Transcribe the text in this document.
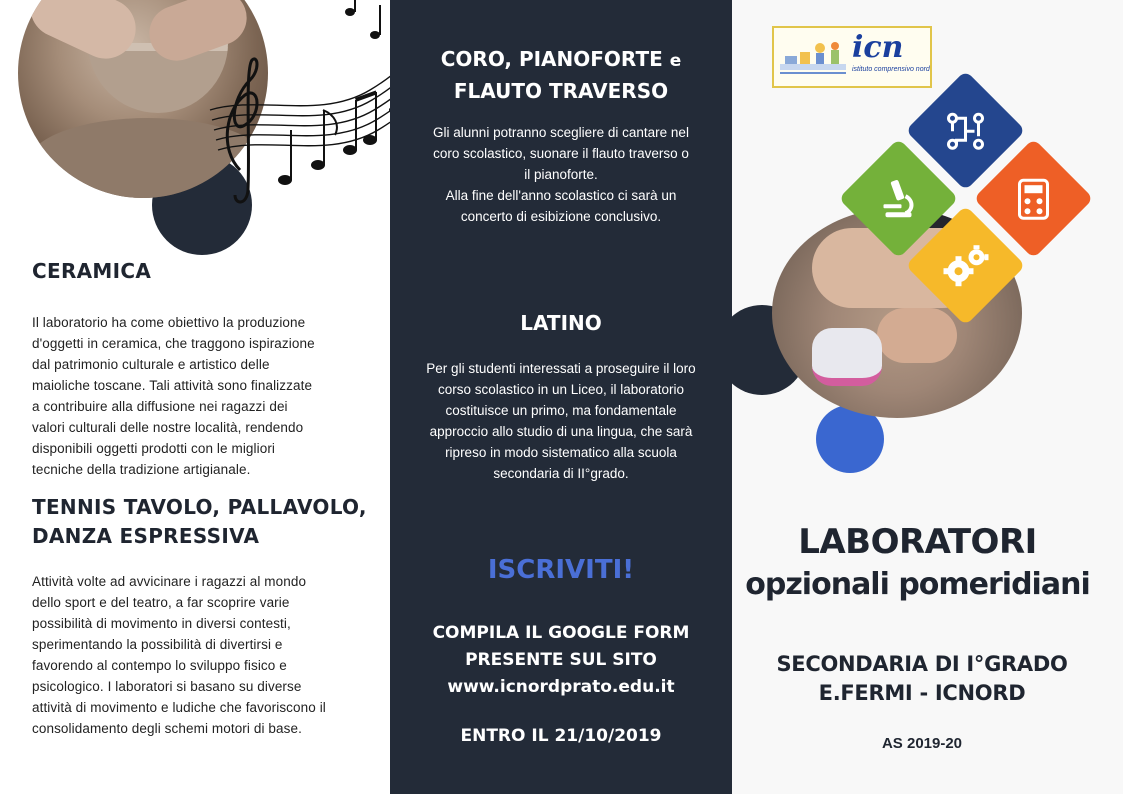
CERAMICA
Il laboratorio ha come obiettivo la produzione
d'oggetti in ceramica, che traggono ispirazione
dal patrimonio culturale e artistico delle
maioliche toscane. Tali attività sono finalizzate
a contribuire alla diffusione nei ragazzi dei
valori culturali delle nostre località, rendendo
disponibili oggetti prodotti con le migliori
tecniche della tradizione artigianale.
TENNIS TAVOLO, PALLAVOLO,
DANZA ESPRESSIVA
Attività volte ad avvicinare i ragazzi al mondo
dello sport e del teatro, a far scoprire varie
possibilità di movimento in diversi contesti,
sperimentando la possibilità di divertirsi e
favorendo al contempo lo sviluppo fisico e
psicologico. I laboratori si basano su diverse
attività di movimento e ludiche che favoriscono il
consolidamento degli schemi motori di base.
CORO, PIANOFORTE e
FLAUTO TRAVERSO
Gli alunni potranno scegliere di cantare nel
coro scolastico, suonare il flauto traverso o
il pianoforte.
Alla fine dell'anno scolastico ci sarà un
concerto di esibizione conclusivo.
LATINO
Per gli studenti interessati a proseguire il loro
corso scolastico in un Liceo, il laboratorio
costituisce un primo, ma fondamentale
approccio allo studio di una lingua, che sarà
ripreso in modo sistematico alla scuola
secondaria di II°grado.
ISCRIVITI!
COMPILA IL GOOGLE FORM
PRESENTE SUL SITO
www.icnordprato.edu.it
ENTRO IL 21/10/2019
icn
istituto comprensivo nord
LABORATORI
opzionali pomeridiani
SECONDARIA DI I°GRADO
E.FERMI - ICNORD
AS 2019-20
